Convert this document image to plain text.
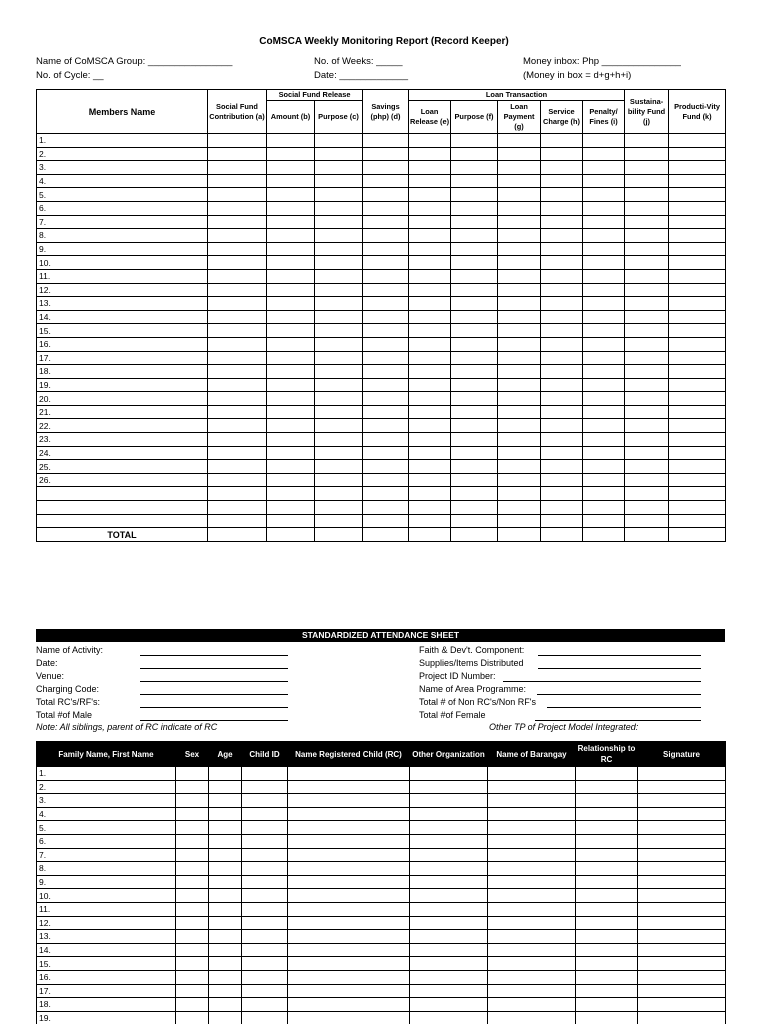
CoMSCA Weekly Monitoring Report (Record Keeper)
Name of CoMSCA Group: ________________
No. of Cycle: __
No. of Weeks: _____
Date: _____________
Money inbox: Php _______________
(Money in box = d+g+h+i)
Members Name	Social Fund Contribution (a)	Social Fund Release		Savings (php) (d)	Loan Transaction					Sustaina-bility Fund (j)	Producti-Vity Fund (k)
		Amount (b)	Purpose (c)		Loan Release (e)	Purpose (f)	Loan Payment (g)	Service Charge (h)	Penalty/ Fines (i)		
1.											
2.											
3.											
4.											
5.											
6.											
7.											
8.											
9.											
10.											
11.											
12.											
13.											
14.											
15.											
16.											
17.											
18.											
19.											
20.											
21.											
22.											
23.											
24.											
25.											
26.											

TOTAL											
STANDARDIZED ATTENDANCE SHEET
Name of Activity:
Date:
Venue:
Charging Code:
Total RC's/RF's:
Total #of Male
Faith & Dev't. Component:
Supplies/Items Distributed
Project ID Number:
Name of Area Programme:
Total # of Non RC's/Non RF's
Total #of Female
Note: All siblings, parent of RC indicate of RC	Other TP of Project Model Integrated:
Family Name, First Name	Sex	Age	Child ID	Name Registered Child (RC)	Other Organization	Name of Barangay	Relationship to RC	Signature
1.								
2.								
3.								
4.								
5.								
6.								
7.								
8.								
9.								
10.								
11.								
12.								
13.								
14.								
15.								
16.								
17.								
18.								
19.								
